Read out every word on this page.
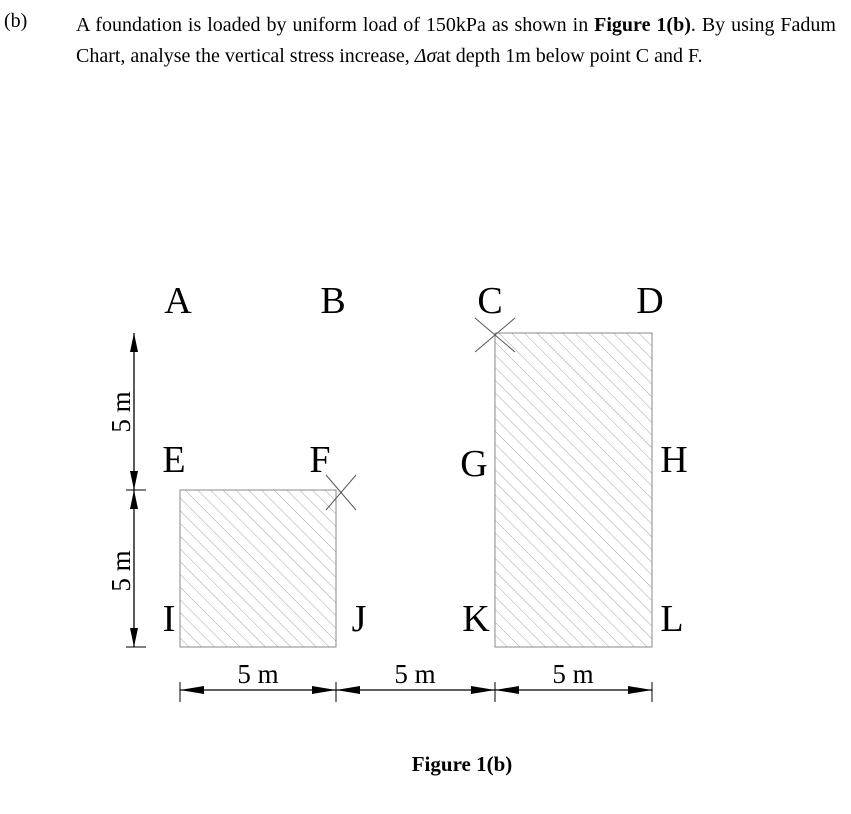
(b) A foundation is loaded by uniform load of 150kPa as shown in Figure 1(b). By using Fadum Chart, analyse the vertical stress increase, Δσat depth 1m below point C and F.
5 m
5 m
5 m	5 m	5 m
A	B	C	D
E	F	G	H
I	J	K	L
Figure 1(b)
